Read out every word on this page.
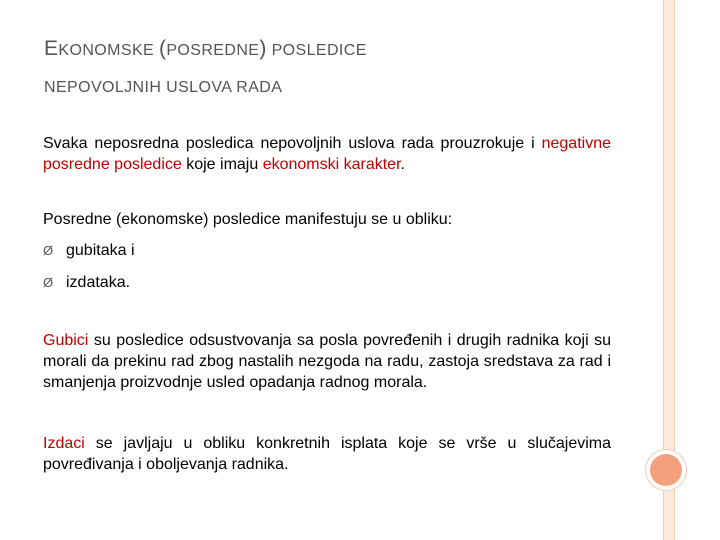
EKONOMSKE (POSREDNE) POSLEDICE
NEPOVOLJNIH USLOVA RADA
Svaka neposredna posledica nepovoljnih uslova rada prouzrokuje i negativne posredne posledice koje imaju ekonomski karakter.
Posredne (ekonomske) posledice manifestuju se u obliku:
Ø gubitaka i
Ø izdataka.
Gubici su posledice odsustvovanja sa posla povređenih i drugih radnika koji su morali da prekinu rad zbog nastalih nezgoda na radu, zastoja sredstava za rad i smanjenja proizvodnje usled opadanja radnog morala.
Izdaci se javljaju u obliku konkretnih isplata koje se vrše u slučajevima povređivanja i oboljevanja radnika.
